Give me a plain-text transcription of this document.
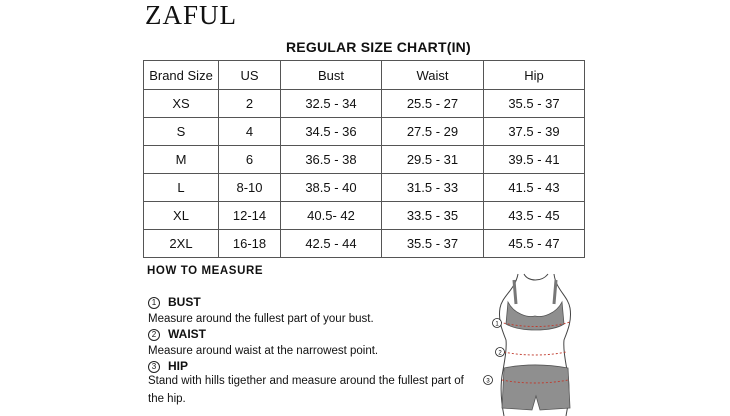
ZAFUL
REGULAR SIZE CHART(IN)
Brand Size	US	Bust	Waist	Hip
XS	2	32.5 - 34	25.5 - 27	35.5 - 37
S	4	34.5 - 36	27.5 - 29	37.5 - 39
M	6	36.5 - 38	29.5 - 31	39.5 - 41
L	8-10	38.5 - 40	31.5 - 33	41.5 - 43
XL	12-14	40.5- 42	33.5 - 35	43.5 - 45
2XL	16-18	42.5 - 44	35.5 - 37	45.5 - 47
HOW TO MEASURE
1 BUST
Measure around the fullest part of your bust.
2 WAIST
Measure around waist at the narrowest point.
3 HIP
Stand with hills tigether and measure around the fullest part of the hip.
1
2
3
